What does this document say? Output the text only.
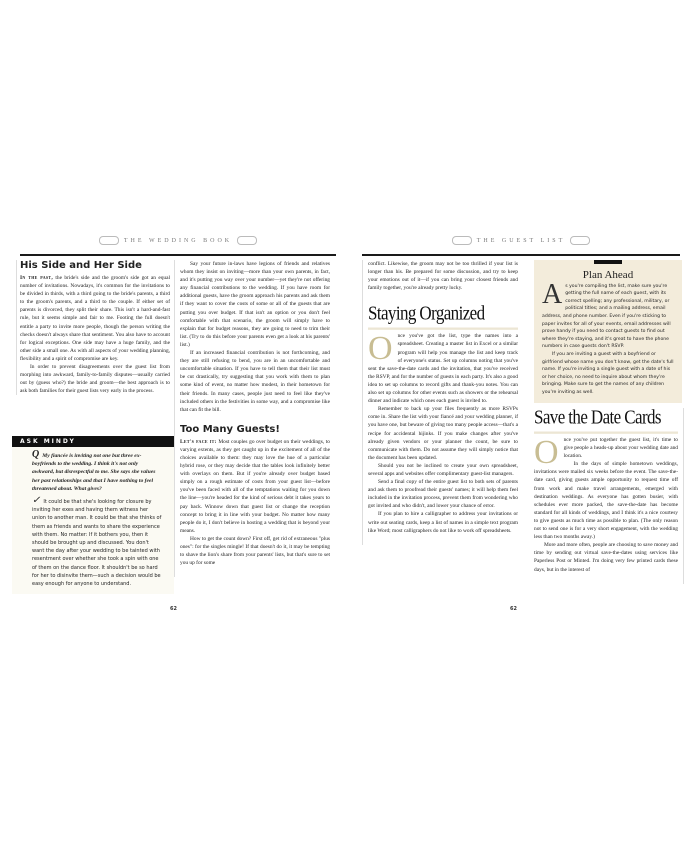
THE WEDDING BOOK
His Side and Her Side

In the past, the bride's side and the groom's side got an equal number of invitations. Nowadays, it's common for the invitations to be divided in thirds, with a third going to the bride's parents, a third to the groom's parents, and a third to the couple. If either set of parents is divorced, they split their share. This isn't a hard-and-fast rule, but it seems simple and fair to me. Footing the full doesn't entitle a party to invite more people, though the person writing the checks doesn't always share that sentiment. You also have to account for logical exceptions. One side may have a huge family, and the other side a small one. As with all aspects of your wedding planning, flexibility and a spirit of compromise are key.

In order to prevent disagreements over the guest list from morphing into awkward, family-to-family disputes—usually carried out by (guess who?) the bride and groom—the best approach is to ask both families for their guest lists very early in the process.

ASK MINDY
Q My fiancée is inviting not one but three ex-boyfriends to the wedding. I think it's not only awkward, but disrespectful to me. She says she values her past relationships and that I have nothing to feel threatened about. What gives?
✓ It could be that she's looking for closure by inviting her exes and having them witness her union to another man. It could be that she thinks of them as friends and wants to share the experience with them. No matter: If it bothers you, then it should be brought up and discussed. You don't want the day after your wedding to be tainted with resentment over whether she took a spin with one of them on the dance floor. It shouldn't be so hard for her to disinvite them—such a decision would be easy enough for anyone to understand.

Say your future in-laws have legions of friends and relatives whom they insist on inviting—more than your own parents, in fact, and it's putting you way over your number—yet they're not offering any financial contributions to the wedding. If you have room for additional guests, have the groom approach his parents and ask them if they want to cover the costs of some or all of the guests that are putting you over budget. If that isn't an option or you don't feel comfortable with that scenario, the groom will simply have to explain that for budget reasons, they are going to need to trim their list. (Try to do this before your parents even get a look at his parents' list.)

If an increased financial contribution is not forthcoming, and they are still refusing to bend, you are in an uncomfortable and uncomfortable situation. If you have to tell them that their list must be cut drastically, try suggesting that you work with them to plan some kind of event, no matter how modest, in their hometown for their friends. In many cases, people just need to feel like they've included others in the festivities in some way, and a compromise like that can fit the bill.

Too Many Guests!

Let's face it: Most couples go over budget on their weddings, to varying extents, as they get caught up in the excitement of all of the choices available to them: they may love the hue of a particular hybrid rose, or they may decide that the tables look infinitely better with overlays on them. But if you're already over budget based simply on a rough estimate of costs from your guest list—before you've been faced with all of the temptations waiting for you down the line—you're headed for the kind of serious debt it takes years to pay back. Winnow down that guest list or change the reception concept to bring it in line with your budget. No matter how many people do it, I don't believe in hosting a wedding that is beyond your means.

How to get the count down? First off, get rid of extraneous "plus ones": for the singles mingle! If that doesn't do it, it may be tempting to shave the lion's share from your parents' lists, but that's sure to set you up for some

62
THE GUEST LIST

conflict. Likewise, the groom may not be too thrilled if your list is longer than his. Be prepared for some discussion, and try to keep your emotions out of it—if you can bring your closest friends and family together, you're already pretty lucky.

Staying Organized

Once you've got the list, type the names into a spreadsheet. Creating a master list in Excel or a similar program will help you manage the list and keep track of everyone's status. Set up columns noting that you've sent the save-the-date cards and the invitation, that you've received the RSVP, and for the number of guests in each party. It's also a good idea to set up columns to record gifts and thank-you notes. You can also set up columns for other events such as showers or the rehearsal dinner and indicate which ones each guest is invited to.

Remember to back up your files frequently as more RSVPs come in. Share the list with your fiancé and your wedding planner, if you have one, but beware of giving too many people access—that's a recipe for accidental hijinks. If you make changes after you've already given vendors or your planner the count, be sure to communicate with them. Do not assume they will simply notice that the document has been updated.

Should you not be inclined to create your own spreadsheet, several apps and websites offer complimentary guest-list managers.

Send a final copy of the entire guest list to both sets of parents and ask them to proofread their guests' names; it will help them feel included in the invitation process, prevent them from wondering who got invited and who didn't, and lower your chance of error.

If you plan to hire a calligrapher to address your invitations or write out seating cards, keep a list of names in a simple text program like Word; most calligraphers do not like to work off spreadsheets.

Plan Ahead

As you're compiling the list, make sure you're getting the full name of each guest, with its correct spelling; any professional, military, or political titles; and a mailing address, email address, and phone number. Even if you're sticking to paper invites for all of your events, email addresses will prove handy if you need to contact guests to find out where they're staying, and it's great to have the phone numbers in case guests don't RSVP.

If you are inviting a guest with a boyfriend or girlfriend whose name you don't know, get the date's full name. If you're inviting a single guest with a date of his or her choice, no need to inquire about whom they're bringing. Make sure to get the names of any children you're inviting as well.

Save the Date Cards

Once you've put together the guest list, it's time to give people a heads-up about your wedding date and location.

In the days of simple hometown weddings, invitations were mailed six weeks before the event. The save-the-date card, giving guests ample opportunity to request time off from work and make travel arrangements, emerged with destination weddings. As everyone has gotten busier, with schedules ever more packed, the save-the-date has become standard for all kinds of weddings, and I think it's a nice courtesy to give guests as much time as possible to plan. (The only reason not to send one is for a very short engagement, with the wedding less than two months away.)

More and more often, people are choosing to save money and time by sending out virtual save-the-dates using services like Paperless Post or Minted. I'm doing very few printed cards these days, but in the interest of

62
